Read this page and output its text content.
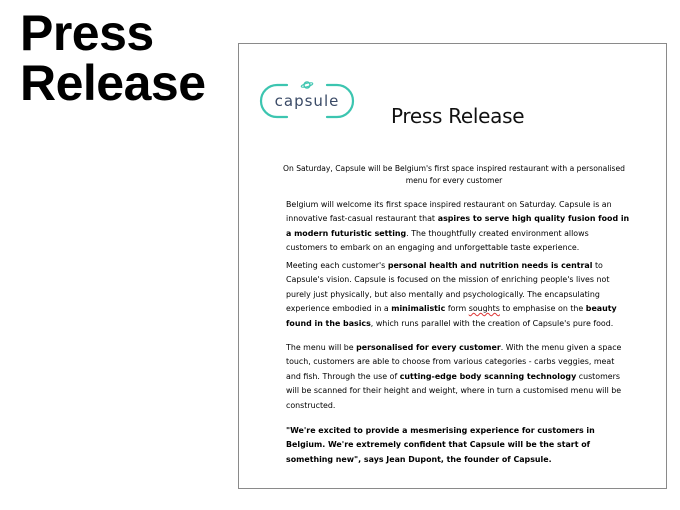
Press
Release	capsule
Press Release

On Saturday, Capsule will be Belgium's first space inspired restaurant with a personalised menu for every customer

Belgium will welcome its first space inspired restaurant on Saturday. Capsule is an innovative fast-casual restaurant that aspires to serve high quality fusion food in a modern futuristic setting. The thoughtfully created environment allows customers to embark on an engaging and unforgettable taste experience.

Meeting each customer's personal health and nutrition needs is central to Capsule's vision. Capsule is focused on the mission of enriching people's lives not purely just physically, but also mentally and psychologically. The encapsulating experience embodied in a minimalistic form soughts to emphasise on the beauty found in the basics, which runs parallel with the creation of Capsule's pure food.

The menu will be personalised for every customer. With the menu given a space touch, customers are able to choose from various categories - carbs veggies, meat and fish. Through the use of cutting-edge body scanning technology customers will be scanned for their height and weight, where in turn a customised menu will be constructed.

"We're excited to provide a mesmerising experience for customers in Belgium. We're extremely confident that Capsule will be the start of something new", says Jean Dupont, the founder of Capsule.
